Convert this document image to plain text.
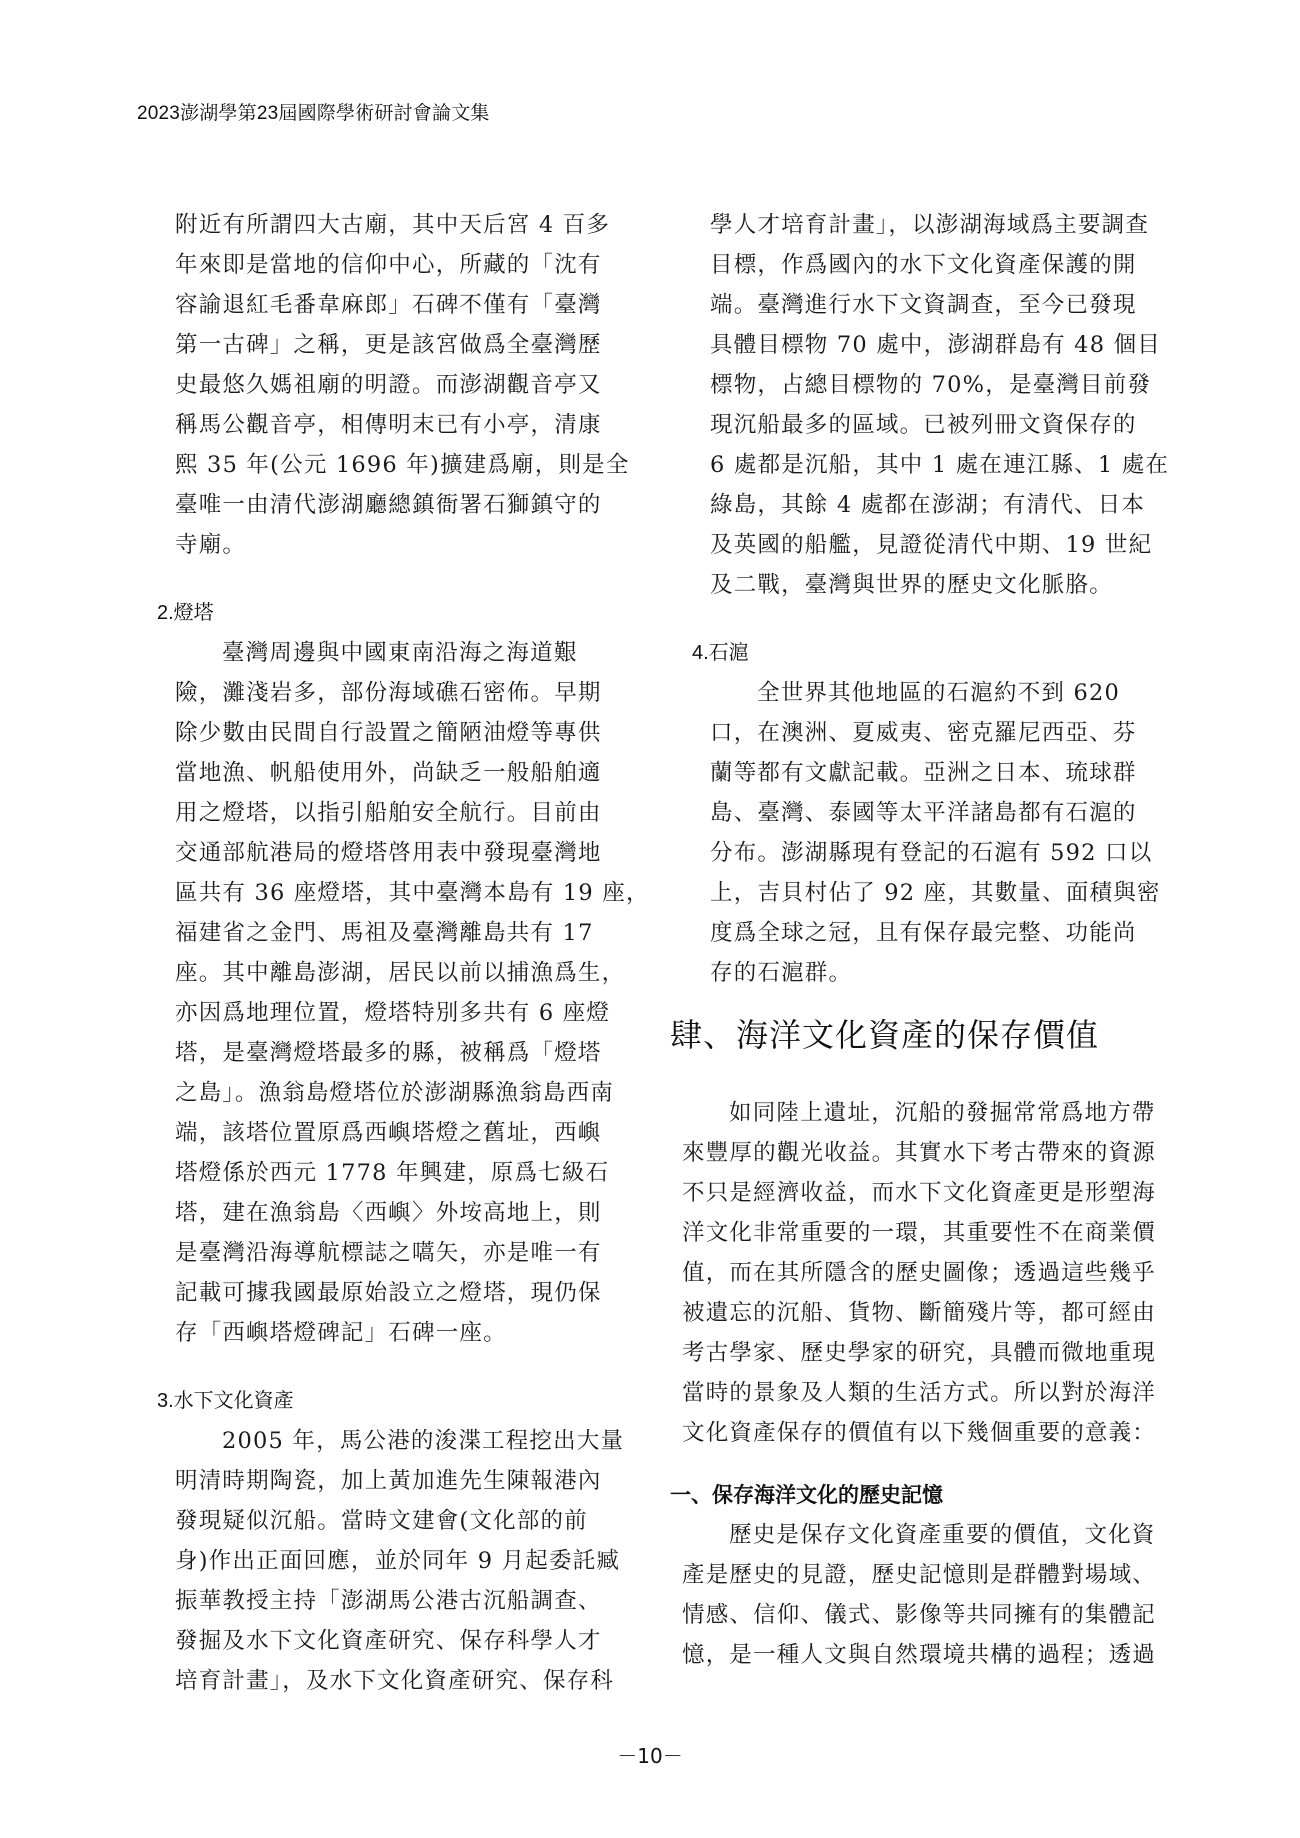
2023澎湖學第23屆國際學術研討會論文集
附近有所謂四大古廟，其中天后宮 4 百多
年來即是當地的信仰中心，所藏的「沈有
容諭退紅毛番韋麻郎」石碑不僅有「臺灣
第一古碑」之稱，更是該宮做爲全臺灣歷
史最悠久媽祖廟的明證。而澎湖觀音亭又
稱馬公觀音亭，相傳明末已有小亭，清康
熙 35 年(公元 1696 年)擴建爲廟，則是全
臺唯一由清代澎湖廳總鎮衙署石獅鎮守的
寺廟。
2.燈塔
臺灣周邊與中國東南沿海之海道艱
險，灘淺岩多，部份海域礁石密佈。早期
除少數由民間自行設置之簡陋油燈等專供
當地漁、帆船使用外，尚缺乏一般船舶適
用之燈塔，以指引船舶安全航行。目前由
交通部航港局的燈塔啓用表中發現臺灣地
區共有 36 座燈塔，其中臺灣本島有 19 座，
福建省之金門、馬祖及臺灣離島共有 17
座。其中離島澎湖，居民以前以捕漁爲生，
亦因爲地理位置，燈塔特別多共有 6 座燈
塔，是臺灣燈塔最多的縣，被稱爲「燈塔
之島」。漁翁島燈塔位於澎湖縣漁翁島西南
端，該塔位置原爲西嶼塔燈之舊址，西嶼
塔燈係於西元 1778 年興建，原爲七級石
塔，建在漁翁島〈西嶼〉外垵高地上，則
是臺灣沿海導航標誌之嚆矢，亦是唯一有
記載可據我國最原始設立之燈塔，現仍保
存「西嶼塔燈碑記」石碑一座。
3.水下文化資產
2005 年，馬公港的浚渫工程挖出大量
明清時期陶瓷，加上黃加進先生陳報港內
發現疑似沉船。當時文建會(文化部的前
身)作出正面回應，並於同年 9 月起委託臧
振華教授主持「澎湖馬公港古沉船調查、
發掘及水下文化資產研究、保存科學人才
培育計畫」，及水下文化資產研究、保存科
學人才培育計畫」，以澎湖海域爲主要調查
目標，作爲國內的水下文化資產保護的開
端。臺灣進行水下文資調查，至今已發現
具體目標物 70 處中，澎湖群島有 48 個目
標物，占總目標物的 70%，是臺灣目前發
現沉船最多的區域。已被列冊文資保存的
6 處都是沉船，其中 1 處在連江縣、1 處在
綠島，其餘 4 處都在澎湖；有清代、日本
及英國的船艦，見證從清代中期、19 世紀
及二戰，臺灣與世界的歷史文化脈胳。
4.石滬
全世界其他地區的石滬約不到 620
口，在澳洲、夏威夷、密克羅尼西亞、芬
蘭等都有文獻記載。亞洲之日本、琉球群
島、臺灣、泰國等太平洋諸島都有石滬的
分布。澎湖縣現有登記的石滬有 592 口以
上，吉貝村佔了 92 座，其數量、面積與密
度爲全球之冠，且有保存最完整、功能尚
存的石滬群。
肆、海洋文化資產的保存價值
如同陸上遺址，沉船的發掘常常爲地方帶
來豐厚的觀光收益。其實水下考古帶來的資源
不只是經濟收益，而水下文化資產更是形塑海
洋文化非常重要的一環，其重要性不在商業價
值，而在其所隱含的歷史圖像；透過這些幾乎
被遺忘的沉船、貨物、斷簡殘片等，都可經由
考古學家、歷史學家的研究，具體而微地重現
當時的景象及人類的生活方式。所以對於海洋
文化資產保存的價值有以下幾個重要的意義：
一、保存海洋文化的歷史記憶
歷史是保存文化資產重要的價值，文化資
產是歷史的見證，歷史記憶則是群體對場域、
情感、信仰、儀式、影像等共同擁有的集體記
憶，是一種人文與自然環境共構的過程；透過
－10－
